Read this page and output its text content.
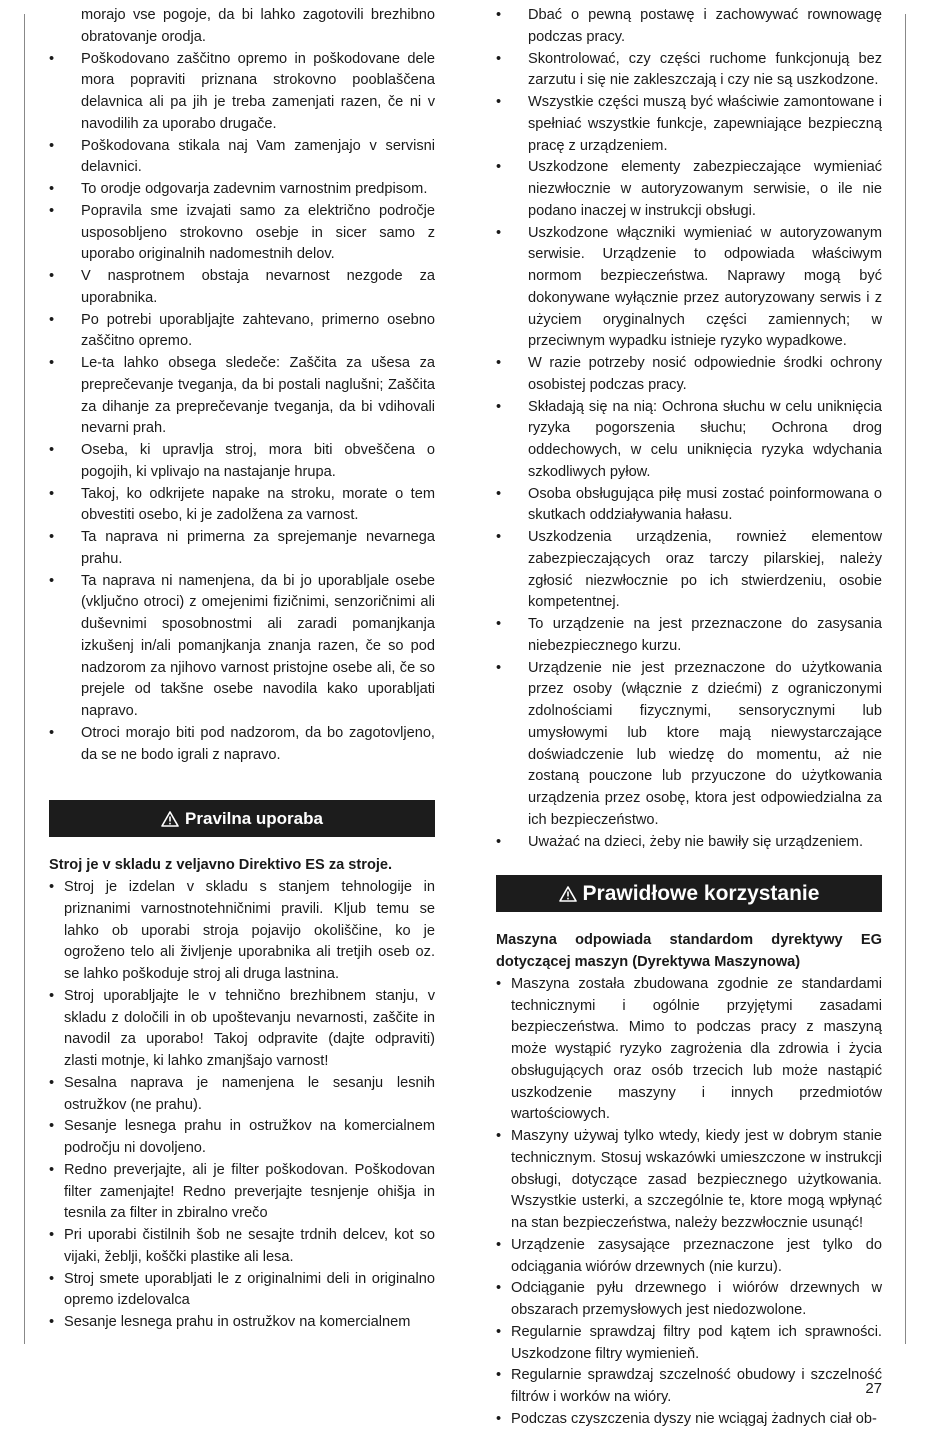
morajo vse pogoje, da bi lahko zagotovili brezhibno obratovanje orodja.
• Poškodovano zaščitno opremo in poškodovane dele mora popraviti priznana strokovno pooblaščena delavnica ali pa jih je treba zamenjati razen, če ni v navodilih za uporabo drugače.
• Poškodovana stikala naj Vam zamenjajo v servisni delavnici.
• To orodje odgovarja zadevnim varnostnim predpisom.
• Popravila sme izvajati samo za električno področje usposobljeno strokovno osebje in sicer samo z uporabo originalnih nadomestnih delov.
• V nasprotnem obstaja nevarnost nezgode za uporabnika.
• Po potrebi uporabljajte zahtevano, primerno osebno zaščitno opremo.
• Le-ta lahko obsega sledeče: Zaščita za ušesa za preprečevanje tveganja, da bi postali naglušni; Zaščita za dihanje za preprečevanje tveganja, da bi vdihovali nevarni prah.
• Oseba, ki upravlja stroj, mora biti obveščena o pogojih, ki vplivajo na nastajanje hrupa.
• Takoj, ko odkrijete napake na stroku, morate o tem obvestiti osebo, ki je zadolžena za varnost.
• Ta naprava ni primerna za sprejemanje nevarnega prahu.
• Ta naprava ni namenjena, da bi jo uporabljale osebe (vključno otroci) z omejenimi fizičnimi, senzoričnimi ali duševnimi sposobnostmi ali zaradi pomanjkanja izkušenj in/ali pomanjkanja znanja razen, če so pod nadzorom za njihovo varnost pristojne osebe ali, če so prejele od takšne osebe navodila kako uporabljati napravo.
• Otroci morajo biti pod nadzorom, da bo zagotovljeno, da se ne bodo igrali z napravo.
Pravilna uporaba
Stroj je v skladu z veljavno Direktivo ES za stroje.
• Stroj je izdelan v skladu s stanjem tehnologije in priznanimi varnostnotehničnimi pravili. Kljub temu se lahko ob uporabi stroja pojavijo okoliščine, ko je ogroženo telo ali življenje uporabnika ali tretjih oseb oz. se lahko poškoduje stroj ali druga lastnina.
• Stroj uporabljajte le v tehnično brezhibnem stanju, v skladu z določili in ob upoštevanju nevarnosti, zaščite in navodil za uporabo! Takoj odpravite (dajte odpraviti) zlasti motnje, ki lahko zmanjšajo varnost!
• Sesalna naprava je namenjena le sesanju lesnih ostružkov (ne prahu).
• Sesanje lesnega prahu in ostružkov na komercialnem področju ni dovoljeno.
• Redno preverjajte, ali je filter poškodovan. Poškodovan filter zamenjajte! Redno preverjajte tesnjenje ohišja in tesnila za filter in zbiralno vrečo
• Pri uporabi čistilnih šob ne sesajte trdnih delcev, kot so vijaki, žeblji, koščki plastike ali lesa.
• Stroj smete uporabljati le z originalnimi deli in originalno opremo izdelovalca
• Sesanje lesnega prahu in ostružkov na komercialnem
• Dbać o pewną postawę i zachowywać rownowagę podczas pracy.
• Skontrolować, czy części ruchome funkcjonują bez zarzutu i się nie zakleszczają i czy nie są uszkodzone.
• Wszystkie części muszą być właściwie zamontowane i spełniać wszystkie funkcje, zapewniające bezpieczną pracę z urządzeniem.
• Uszkodzone elementy zabezpieczające wymieniać niezwłocznie w autoryzowanym serwisie, o ile nie podano inaczej w instrukcji obsługi.
• Uszkodzone włączniki wymieniać w autoryzowanym serwisie. Urządzenie to odpowiada właściwym normom bezpieczeństwa. Naprawy mogą być dokonywane wyłącznie przez autoryzowany serwis i z użyciem oryginalnych części zamiennych; w przeciwnym wypadku istnieje ryzyko wypadkowe.
• W razie potrzeby nosić odpowiednie środki ochrony osobistej podczas pracy.
• Składają się na nią: Ochrona słuchu w celu uniknięcia ryzyka pogorszenia słuchu; Ochrona drog oddechowych, w celu uniknięcia ryzyka wdychania szkodliwych pyłow.
• Osoba obsługująca piłę musi zostać poinformowana o skutkach oddziaływania hałasu.
• Uszkodzenia urządzenia, rownież elementow zabezpieczających oraz tarczy pilarskiej, należy zgłosić niezwłocznie po ich stwierdzeniu, osobie kompetentnej.
• To urządzenie na jest przeznaczone do zasysania niebezpiecznego kurzu.
• Urządzenie nie jest przeznaczone do użytkowania przez osoby (włącznie z dziećmi) z ograniczonymi zdolnościami fizycznymi, sensorycznymi lub umysłowymi lub ktore mają niewystarczające doświadczenie lub wiedzę do momentu, aż nie zostaną pouczone lub przyuczone do użytkowania urządzenia przez osobę, ktora jest odpowiedzialna za ich bezpieczeństwo.
• Uważać na dzieci, żeby nie bawiły się urządzeniem.
Prawidłowe korzystanie
Maszyna odpowiada standardom dyrektywy EG dotyczącej maszyn (Dyrektywa Maszynowa)
• Maszyna została zbudowana zgodnie ze standardami technicznymi i ogólnie przyjętymi zasadami bezpieczeństwa. Mimo to podczas pracy z maszyną może wystąpić ryzyko zagrożenia dla zdrowia i życia obsługujących oraz osób trzecich lub może nastąpić uszkodzenie maszyny i innych przedmiotów wartościowych.
• Maszyny używaj tylko wtedy, kiedy jest w dobrym stanie technicznym. Stosuj wskazówki umieszczone w instrukcji obsługi, dotyczące zasad bezpiecznego użytkowania. Wszystkie usterki, a szczególnie te, ktore mogą wpłynąć na stan bezpieczeństwa, należy bezzwłocznie usunąć!
• Urządzenie zasysające przeznaczone jest tylko do odciągania wiórów drzewnych (nie kurzu).
• Odciąganie pyłu drzewnego i wiórów drzewnych w obszarach przemysłowych jest niedozwolone.
• Regularnie sprawdzaj filtry pod kątem ich sprawności. Uszkodzone filtry wymienieň.
• Regularnie sprawdzaj szczelność obudowy i szczelność filtrów i worków na wióry.
• Podczas czyszczenia dyszy nie wciągaj żadnych ciał ob-
27
